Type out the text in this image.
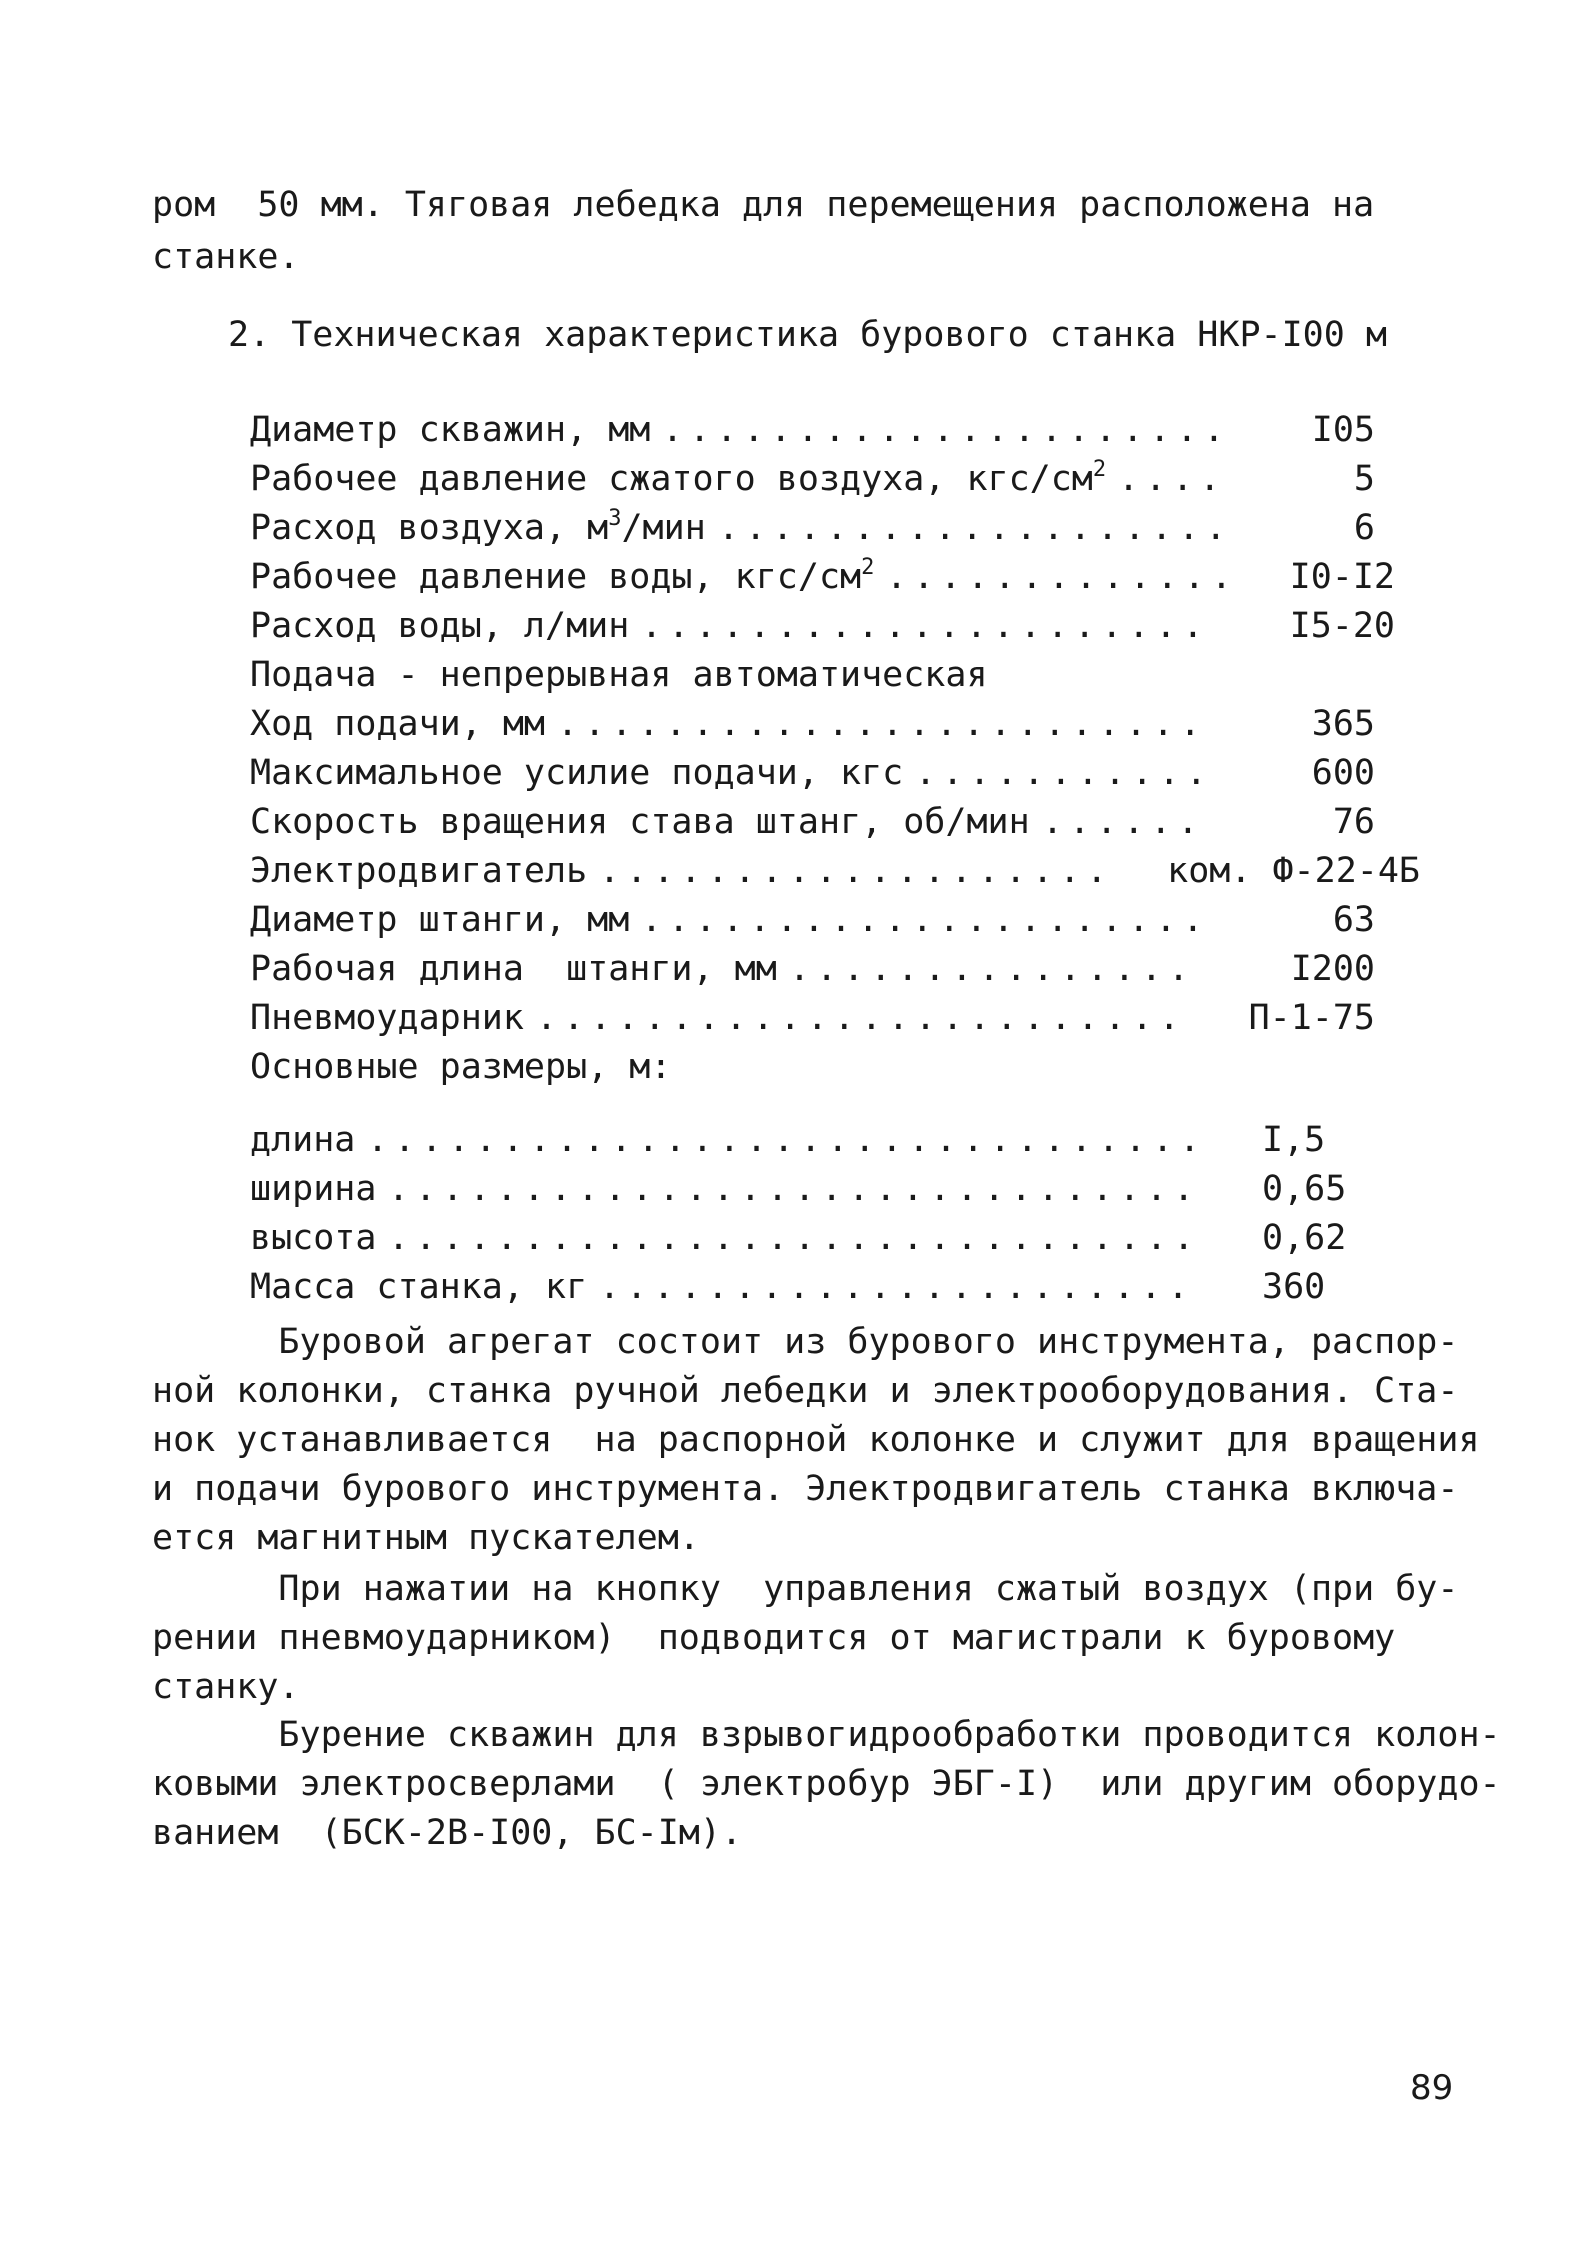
ром  50 мм. Тяговая лебедка для перемещения расположена на
станке.
2. Техническая характеристика бурового станка НКР-I00 м
Диаметр скважин, мм ..................... I05
Рабочее давление сжатого воздуха, кгс/$см^2$ ....	5
Расход воздуха, $м^3$/мин ...................	6
Рабочее давление воды, кгс/$см^2$ ............. I0-I2
Расход воды, л/мин ..................... I5-20
Подача - непрерывная автоматическая
Ход подачи, мм ........................	365
Максимальное усилие подачи, кгс ...........	600
Скорость вращения става штанг, об/мин ......	76
Электродвигатель ................... ком. Ф-22-4Б
Диаметр штанги, мм .....................	63
Рабочая длина  штанги, мм ...............	I200
Пневмоударник ........................ П-1-75
Основные размеры, м:
длина ............................... I,5
ширина .............................. 0,65
высота .............................. 0,62
Масса станка, кг ...................... 360
Буровой агрегат состоит из бурового инструмента, распор-
ной колонки, станка ручной лебедки и электрооборудования. Ста-
нок устанавливается  на распорной колонке и служит для вращения
и подачи бурового инструмента. Электродвигатель станка включа-
ется магнитным пускателем.
При нажатии на кнопку  управления сжатый воздух (при бу-
рении пневмоударником)  подводится от магистрали к буровому
станку.
Бурение скважин для взрывогидрообработки проводится колон-
ковыми электросверлами  ( электробур ЭБГ-I)  или другим оборудо-
ванием  (БСК-2В-I00, БС-Iм).
89
